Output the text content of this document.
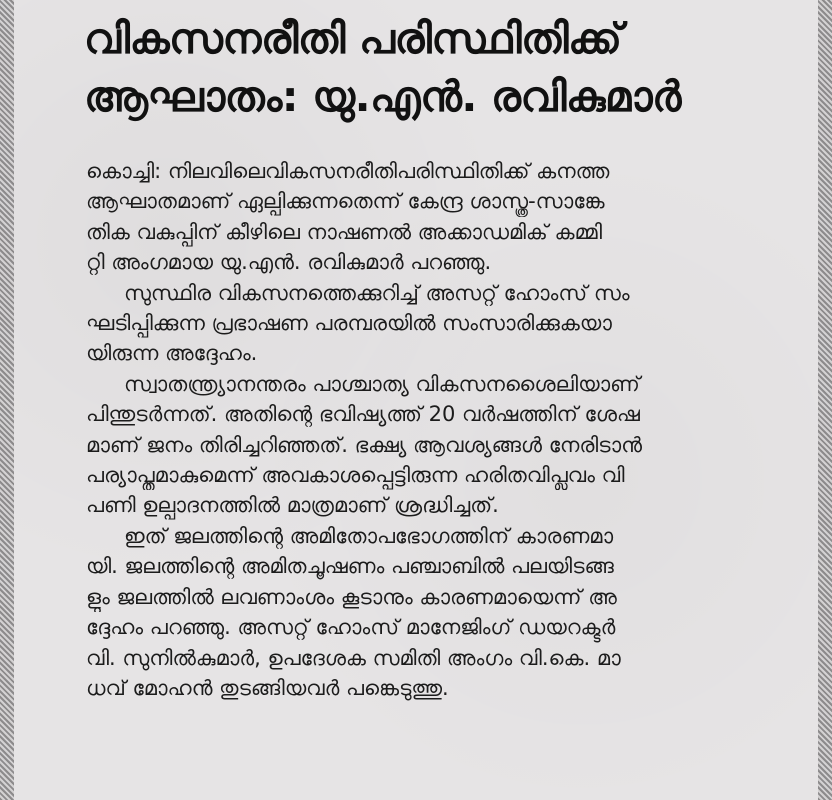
വികസനരീതി പരിസ്ഥിതിക്ക്
ആഘാതം: യു.എൻ. രവികുമാർ

കൊച്ചി: നിലവിലെവികസനരീതിപരിസ്ഥിതിക്ക് കനത്ത
ആഘാതമാണ് ഏല്പിക്കുന്നതെന്ന് കേന്ദ്ര ശാസ്ത്ര-സാങ്കേ
തിക വകുപ്പിന് കീഴിലെ നാഷണൽ അക്കാഡമിക് കമ്മി
റ്റി അംഗമായ യു.എൻ. രവികുമാർ പറഞ്ഞു.

സുസ്ഥിര വികസനത്തെക്കുറിച്ച് അസറ്റ് ഹോംസ് സം
ഘടിപ്പിക്കുന്ന പ്രഭാഷണ പരമ്പരയിൽ സംസാരിക്കുകയാ
യിരുന്ന അദ്ദേഹം.

സ്വാതന്ത്ര്യാനന്തരം പാശ്ചാത്യ വികസനശൈലിയാണ്
പിന്തുടർന്നത്. അതിന്റെ ഭവിഷ്യത്ത് 20 വർഷത്തിന് ശേഷ
മാണ് ജനം തിരിച്ചറിഞ്ഞത്. ഭക്ഷ്യ ആവശ്യങ്ങൾ നേരിടാൻ
പര്യാപ്തമാകുമെന്ന് അവകാശപ്പെട്ടിരുന്ന ഹരിതവിപ്ലവം വി
പണി ഉല്പാദനത്തിൽ മാത്രമാണ് ശ്രദ്ധിച്ചത്.

ഇത് ജലത്തിന്റെ അമിതോപഭോഗത്തിന് കാരണമാ
യി. ജലത്തിന്റെ അമിതചൂഷണം പഞ്ചാബിൽ പലയിടങ്ങ
ളും ജലത്തിൽ ലവണാംശം കൂടാനും കാരണമായെന്ന് അ
ദ്ദേഹം പറഞ്ഞു. അസറ്റ് ഹോംസ് മാനേജിംഗ് ഡയറക്ടർ
വി. സുനിൽകുമാർ, ഉപദേശക സമിതി അംഗം വി.കെ. മാ
ധവ് മോഹൻ തുടങ്ങിയവർ പങ്കെടുത്തു.
